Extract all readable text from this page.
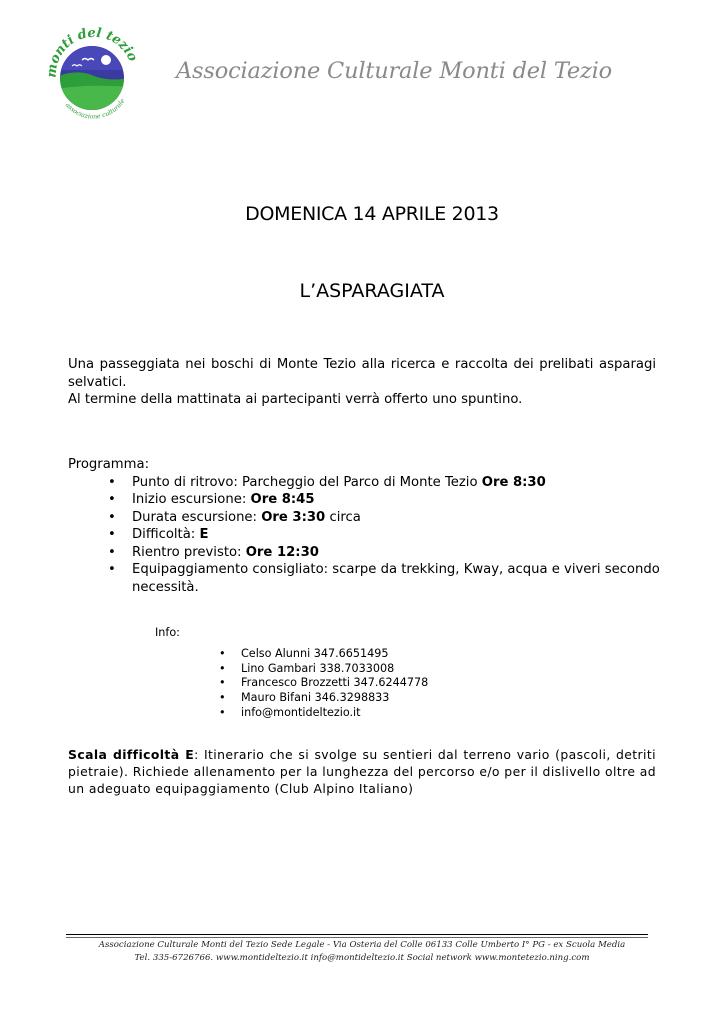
monti del tezio
associazione culturale
Associazione Culturale Monti del Tezio
DOMENICA 14 APRILE 2013
L’ASPARAGIATA

Una passeggiata nei boschi di Monte Tezio alla ricerca e raccolta dei prelibati asparagi selvatici.

Al termine della mattinata ai partecipanti verrà offerto uno spuntino.

Programma:

• Punto di ritrovo: Parcheggio del Parco di Monte Tezio Ore 8:30
• Inizio escursione: Ore 8:45
• Durata escursione: Ore 3:30 circa
• Difficoltà: E
• Rientro previsto: Ore 12:30
• Equipaggiamento consigliato: scarpe da trekking, Kway, acqua e viveri secondo necessità.

Info:

• Celso Alunni 347.6651495
• Lino Gambari 338.7033008
• Francesco Brozzetti 347.6244778
• Mauro Bifani 346.3298833
• info@montideltezio.it
Scala difficoltà E: Itinerario che si svolge su sentieri dal terreno vario (pascoli, detriti pietraie). Richiede allenamento per la lunghezza del percorso e/o per il dislivello oltre ad un adeguato equipaggiamento (Club Alpino Italiano)
Associazione Culturale Monti del Tezio Sede Legale - Via Osteria del Colle 06133 Colle Umberto I° PG - ex Scuola Media
Tel. 335-6726766. www.montideltezio.it info@montideltezio.it Social network www.montetezio.ning.com
